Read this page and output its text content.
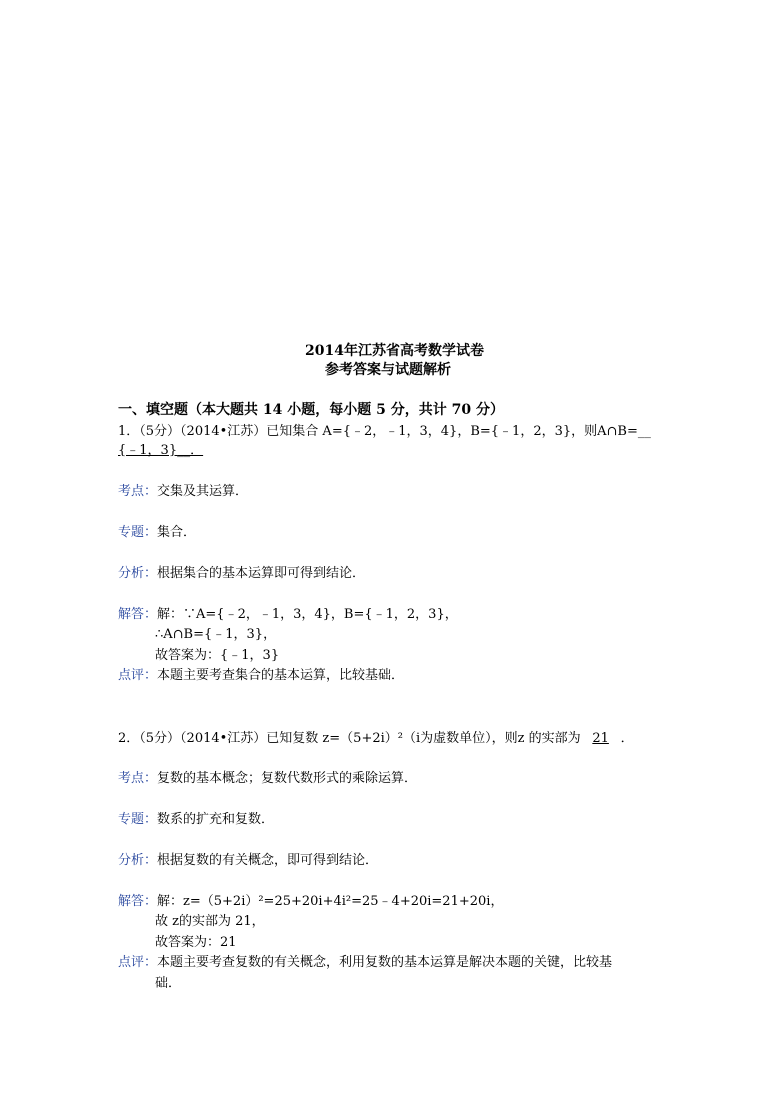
2014年江苏省高考数学试卷
参考答案与试题解析
一、填空题（本大题共 14 小题，每小题 5 分，共计 70 分）
1．（5分）（2014•江苏）已知集合 A={﹣2，﹣1，3，4}，B={﹣1，2，3}，则A∩B=__
{﹣1，3}__．
考点：交集及其运算．
专题：集合．
分析：根据集合的基本运算即可得到结论．
解答：解：∵A={﹣2，﹣1，3，4}，B={﹣1，2，3}，
∴A∩B={﹣1，3}，
故答案为：{﹣1，3}
点评：本题主要考查集合的基本运算，比较基础．
2．（5分）（2014•江苏）已知复数 z=（5+2i）²（i为虚数单位），则z 的实部为 21 ．
考点：复数的基本概念；复数代数形式的乘除运算．
专题：数系的扩充和复数．
分析：根据复数的有关概念，即可得到结论．
解答：解：z=（5+2i）²=25+20i+4i²=25﹣4+20i=21+20i，
故 z的实部为 21，
故答案为：21
点评：本题主要考查复数的有关概念，利用复数的基本运算是解决本题的关键，比较基
础．
